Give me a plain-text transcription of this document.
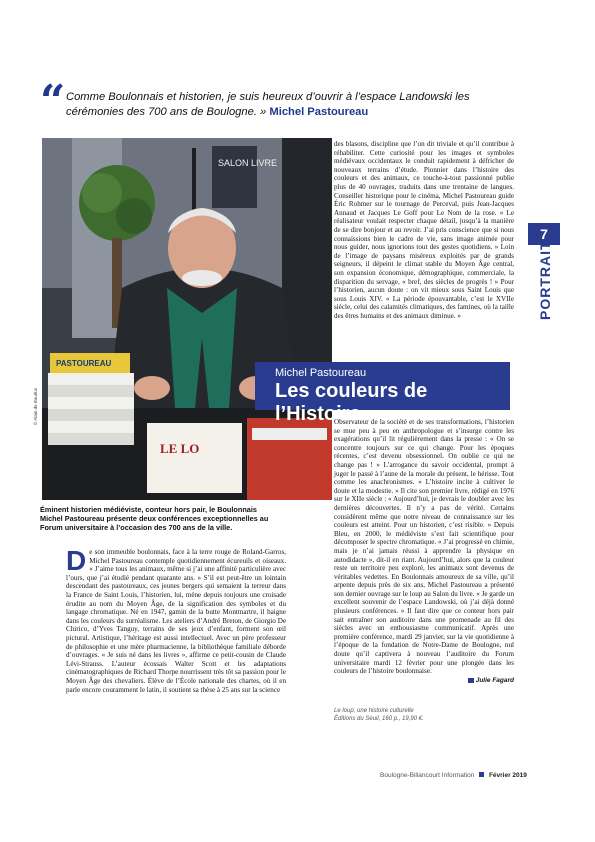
“ Comme Boulonnais et historien, je suis heureux d’ouvrir à l’espace Landowski les cérémonies des 700 ans de Boulogne. » Michel Pastoureau
SALON LIVRE
PASTOUREAU
LE LO
© Alain de Baudus
Michel Pastoureau
Les couleurs de l’Histoire
7
PORTRAIT

des blasons, discipline que l’on dit triviale et qu’il contribue à réhabiliter. Cette curiosité pour les images et symboles médiévaux occidentaux le conduit rapidement à défricher de nouveaux terrains d’étude. Pionnier dans l’histoire des couleurs et des animaux, ce touche-à-tout passionné publie plus de 40 ouvrages, traduits dans une trentaine de langues. Conseiller historique pour le cinéma, Michel Pastoureau guide Éric Rohmer sur le tournage de Perceval, puis Jean-Jacques Annaud et Jacques Le Goff pour Le Nom de la rose. « Le réalisateur voulait respecter chaque détail, jusqu’à la manière de se dire bonjour et au revoir. J’ai pris conscience que si nous connaissions bien le cadre de vie, sans image animée pour nous guider, nous ignorions tout des gestes quotidiens. » Loin de l’image de paysans miséreux exploités par de grands seigneurs, il dépeint le climat stable du Moyen Âge central, son expansion économique, démographique, commerciale, la disparition du servage, « bref, des siècles de progrès ! » Pour l’historien, aucun doute : on vit mieux sous Saint Louis que sous Louis XIV. « La période épouvantable, c’est le XVIIe siècle, celui des calamités climatiques, des famines, où la taille des êtres humains et des animaux diminue. »

Éminent historien médiéviste, conteur hors pair, le Boulonnais Michel Pastoureau présente deux conférences exceptionnelles au Forum universitaire à l’occasion des 700 ans de la ville.
D e son immeuble boulonnais, face à la terre rouge de Roland-Garros, Michel Pastoureau contemple quotidiennement écureuils et oiseaux. « J’aime tous les animaux, même si j’ai une affinité particulière avec l’ours, que j’ai étudié pendant quarante ans. » S’il est peut-être un lointain descendant des pastoureaux, ces jeunes bergers qui semaient la terreur dans la France de Saint Louis, l’historien, lui, mène depuis toujours une croisade érudite au nom du Moyen Âge, de la signification des symboles et du langage chromatique. Né en 1947, gamin de la butte Montmartre, il baigne dans les couleurs du surréalisme. Les ateliers d’André Breton, de Giorgio De Chirico, d’Yves Tanguy, terrains de ses jeux d’enfant, forment son œil pictural. Artistique, l’héritage est aussi intellectuel. Avec un père professeur de philosophie et une mère pharmacienne, la bibliothèque familiale déborde d’ouvrages. « Je suis né dans les livres », affirme ce petit-cousin de Claude Lévi-Strauss. L’auteur écossais Walter Scott et les adaptations cinématographiques de Richard Thorpe nourrissent très tôt sa passion pour le Moyen Âge des chevaliers. Élève de l’École nationale des chartes, où il en parle encore couramment le latin, il soutient sa thèse à 25 ans sur la science

Observateur de la société et de ses transformations, l’historien se mue peu à peu en anthropologue et s’insurge contre les exagérations qu’il lit régulièrement dans la presse : « On se concentre toujours sur ce qui change. Pour les époques récentes, c’est devenu obsessionnel. On oublie ce qui ne change pas ! » L’arrogance du savoir occidental, prompt à juger le passé à l’aune de la morale du présent, le hérisse. Tout comme les anachronismes. « L’histoire incite à cultiver le doute et la modestie. » Il cite son premier livre, rédigé en 1976 sur le XIIe siècle : « Aujourd’hui, je devrais le doubler avec les dernières découvertes. Il n’y a pas de vérité. Certains considèrent même que notre niveau de connaissance sur les couleurs est atteint. Pour un historien, c’est risible. » Depuis Bleu, en 2000, le médiéviste s’est fait scientifique pour décomposer le spectre chromatique. « J’ai progressé en chimie, mais je n’ai jamais réussi à apprendre la physique en autodidacte », dit-il en riant. Aujourd’hui, alors que la couleur reste un territoire peu exploré, les animaux sont devenus de véritables vedettes. En Boulonnais amoureux de sa ville, qu’il arpente depuis près de six ans, Michel Pastoureau a présenté son dernier ouvrage sur le loup au Salon du livre. « Je garde un excellent souvenir de l’espace Landowski, où j’ai déjà donné plusieurs conférences. » Il faut dire que ce conteur hors pair sait entraîner son auditoire dans une promenade au fil des siècles avec un enthousiasme communicatif. Après une première conférence, mardi 29 janvier, sur la vie quotidienne à l’époque de la fondation de Notre-Dame de Boulogne, nul doute qu’il captivera à nouveau l’auditoire du Forum universitaire mardi 12 février pour une plongée dans les couleurs de l’histoire boulonnaise.

Julie Fagard

Le loup, une histoire culturelle
Éditions du Seuil, 160 p., 19,90 €.
Boulogne-Billancourt Information Février 2019
